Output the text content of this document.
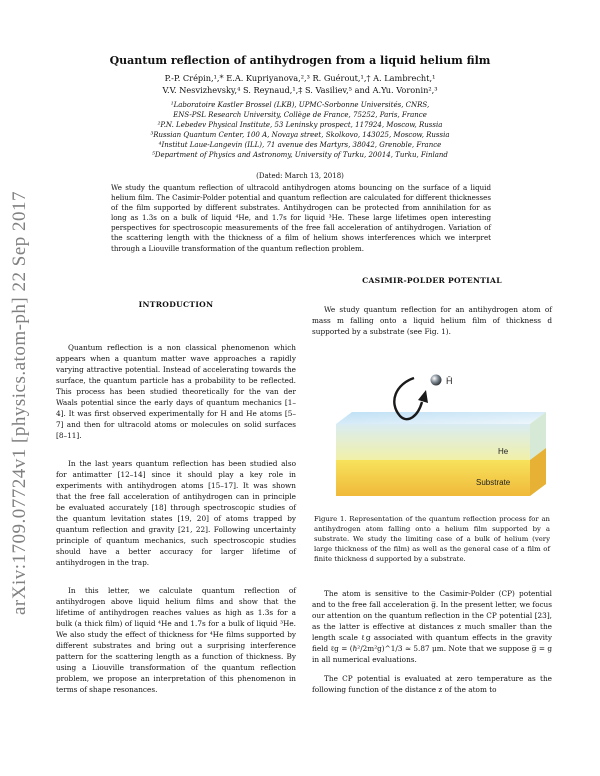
arXiv:1709.07724v1 [physics.atom-ph] 22 Sep 2017
Quantum reflection of antihydrogen from a liquid helium film
P.-P. Crépin,¹,* E.A. Kupriyanova,²,³ R. Guérout,¹,† A. Lambrecht,¹
V.V. Nesvizhevsky,⁴ S. Reynaud,¹,‡ S. Vasiliev,⁵ and A.Yu. Voronin²,³
¹Laboratoire Kastler Brossel (LKB), UPMC-Sorbonne Universités, CNRS,
ENS-PSL Research University, Collège de France, 75252, Paris, France
²P.N. Lebedev Physical Institute, 53 Leninsky prospect, 117924, Moscow, Russia
³Russian Quantum Center, 100 A, Novaya street, Skolkovo, 143025, Moscow, Russia
⁴Institut Laue-Langevin (ILL), 71 avenue des Martyrs, 38042, Grenoble, France
⁵Department of Physics and Astronomy, University of Turku, 20014, Turku, Finland
(Dated: March 13, 2018)
We study the quantum reflection of ultracold antihydrogen atoms bouncing on the surface of a liquid helium film. The Casimir-Polder potential and quantum reflection are calculated for different thicknesses of the film supported by different substrates. Antihydrogen can be protected from annihilation for as long as 1.3s on a bulk of liquid ⁴He, and 1.7s for liquid ³He. These large lifetimes open interesting perspectives for spectroscopic measurements of the free fall acceleration of antihydrogen. Variation of the scattering length with the thickness of a film of helium shows interferences which we interpret through a Liouville transformation of the quantum reflection problem.
INTRODUCTION

Quantum reflection is a non classical phenomenon which appears when a quantum matter wave approaches a rapidly varying attractive potential. Instead of accelerating towards the surface, the quantum particle has a probability to be reflected. This process has been studied theoretically for the van der Waals potential since the early days of quantum mechanics [1–4]. It was first observed experimentally for H and He atoms [5–7] and then for ultracold atoms or molecules on solid surfaces [8–11].

In the last years quantum reflection has been studied also for antimatter [12–14] since it should play a key role in experiments with antihydrogen atoms [15–17]. It was shown that the free fall acceleration of antihydrogen can in principle be evaluated accurately [18] through spectroscopic studies of the quantum levitation states [19, 20] of atoms trapped by quantum reflection and gravity [21, 22]. Following uncertainty principle of quantum mechanics, such spectroscopic studies should have a better accuracy for larger lifetime of antihydrogen in the trap.

In this letter, we calculate quantum reflection of antihydrogen above liquid helium films and show that the lifetime of antihydrogen reaches values as high as 1.3s for a bulk (a thick film) of liquid ⁴He and 1.7s for a bulk of liquid ³He. We also study the effect of thickness for ⁴He films supported by different substrates and bring out a surprising interference pattern for the scattering length as a function of thickness. By using a Liouville transformation of the quantum reflection problem, we propose an interpretation of this phenomenon in terms of shape resonances.

CASIMIR-POLDER POTENTIAL

We study quantum reflection for an antihydrogen atom of mass m falling onto a liquid helium film of thickness d supported by a substrate (see Fig. 1).

H̄
He
Substrate
Figure 1. Representation of the quantum reflection process for an antihydrogen atom falling onto a helium film supported by a substrate. We study the limiting case of a bulk of helium (very large thickness of the film) as well as the general case of a film of finite thickness d supported by a substrate.

The atom is sensitive to the Casimir-Polder (CP) potential and to the free fall acceleration g̅. In the present letter, we focus our attention on the quantum reflection in the CP potential [23], as the latter is effective at distances z much smaller than the length scale ℓg associated with quantum effects in the gravity field ℓg = (ℏ²/2m²g)^1/3 ≃ 5.87 μm. Note that we suppose g̅ = g in all numerical evaluations.

The CP potential is evaluated at zero temperature as the following function of the distance z of the atom to
